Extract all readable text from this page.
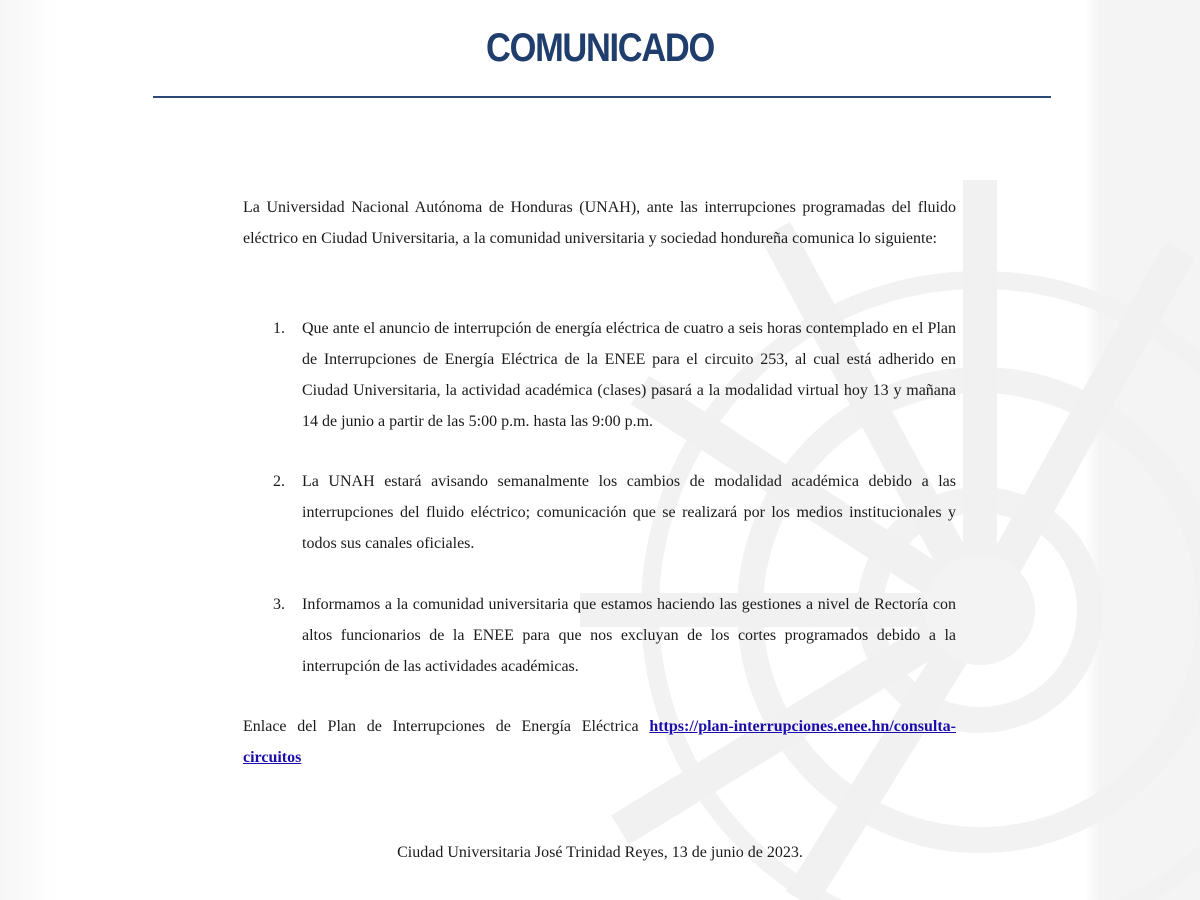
COMUNICADO

La Universidad Nacional Autónoma de Honduras (UNAH), ante las interrupciones programadas del fluido eléctrico en Ciudad Universitaria, a la comunidad universitaria y sociedad hondureña comunica lo siguiente:

1. Que ante el anuncio de interrupción de energía eléctrica de cuatro a seis horas contemplado en el Plan de Interrupciones de Energía Eléctrica de la ENEE para el circuito 253, al cual está adherido en Ciudad Universitaria, la actividad académica (clases) pasará a la modalidad virtual hoy 13 y mañana 14 de junio a partir de las 5:00 p.m. hasta las 9:00 p.m.
2. La UNAH estará avisando semanalmente los cambios de modalidad académica debido a las interrupciones del fluido eléctrico; comunicación que se realizará por los medios institucionales y todos sus canales oficiales.
3. Informamos a la comunidad universitaria que estamos haciendo las gestiones a nivel de Rectoría con altos funcionarios de la ENEE para que nos excluyan de los cortes programados debido a la interrupción de las actividades académicas.
Enlace del Plan de Interrupciones de Energía Eléctrica https://plan-interrupciones.enee.hn/consulta-circuitos
Ciudad Universitaria José Trinidad Reyes, 13 de junio de 2023.
